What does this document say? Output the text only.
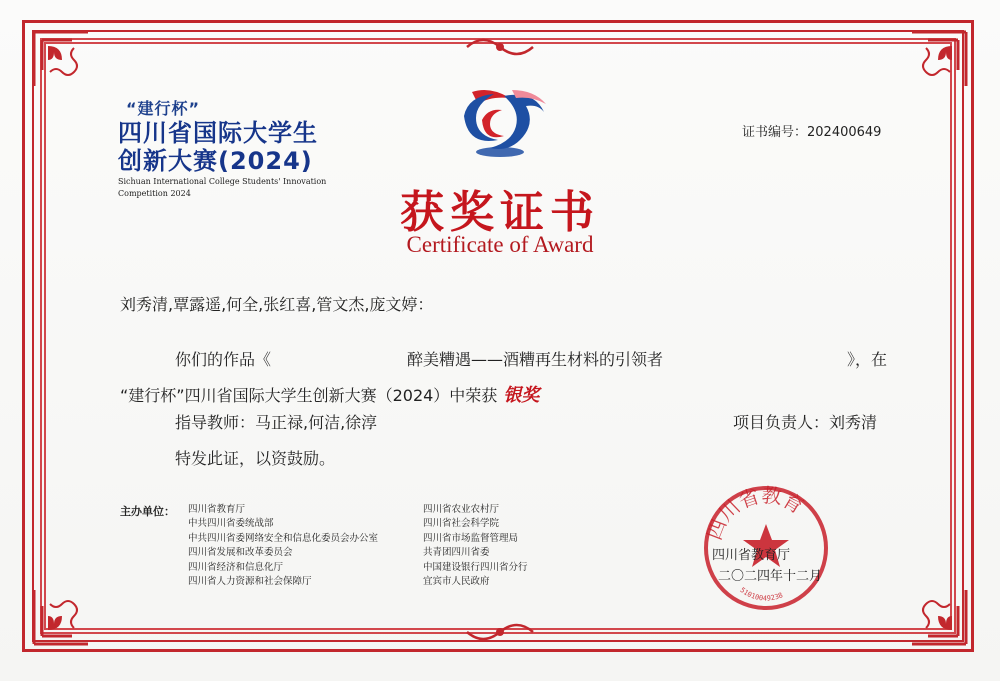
“建行杯”
四川省国际大学生
创新大赛(2024)
Sichuan International College Students' Innovation
Competition 2024
证书编号：202400649
获奖证书
Certificate of Award
刘秀清,覃露遥,何全,张红喜,管文杰,庞文婷：
你们的作品《	醉美糟遇——酒糟再生材料的引领者	》，在
“建行杯”四川省国际大学生创新大赛（2024）中荣获 银奖
指导教师：马正禄,何洁,徐淳	项目负责人：刘秀清
特发此证，以资鼓励。
主办单位： 四川省教育厅
中共四川省委统战部
中共四川省委网络安全和信息化委员会办公室
四川省发展和改革委员会
四川省经济和信息化厅
四川省人力资源和社会保障厅
四川省农业农村厅
四川省社会科学院
四川省市场监督管理局
共青团四川省委
中国建设银行四川省分行
宜宾市人民政府
四川省教育
51010049238
四川省教育厅
二〇二四年十二月
